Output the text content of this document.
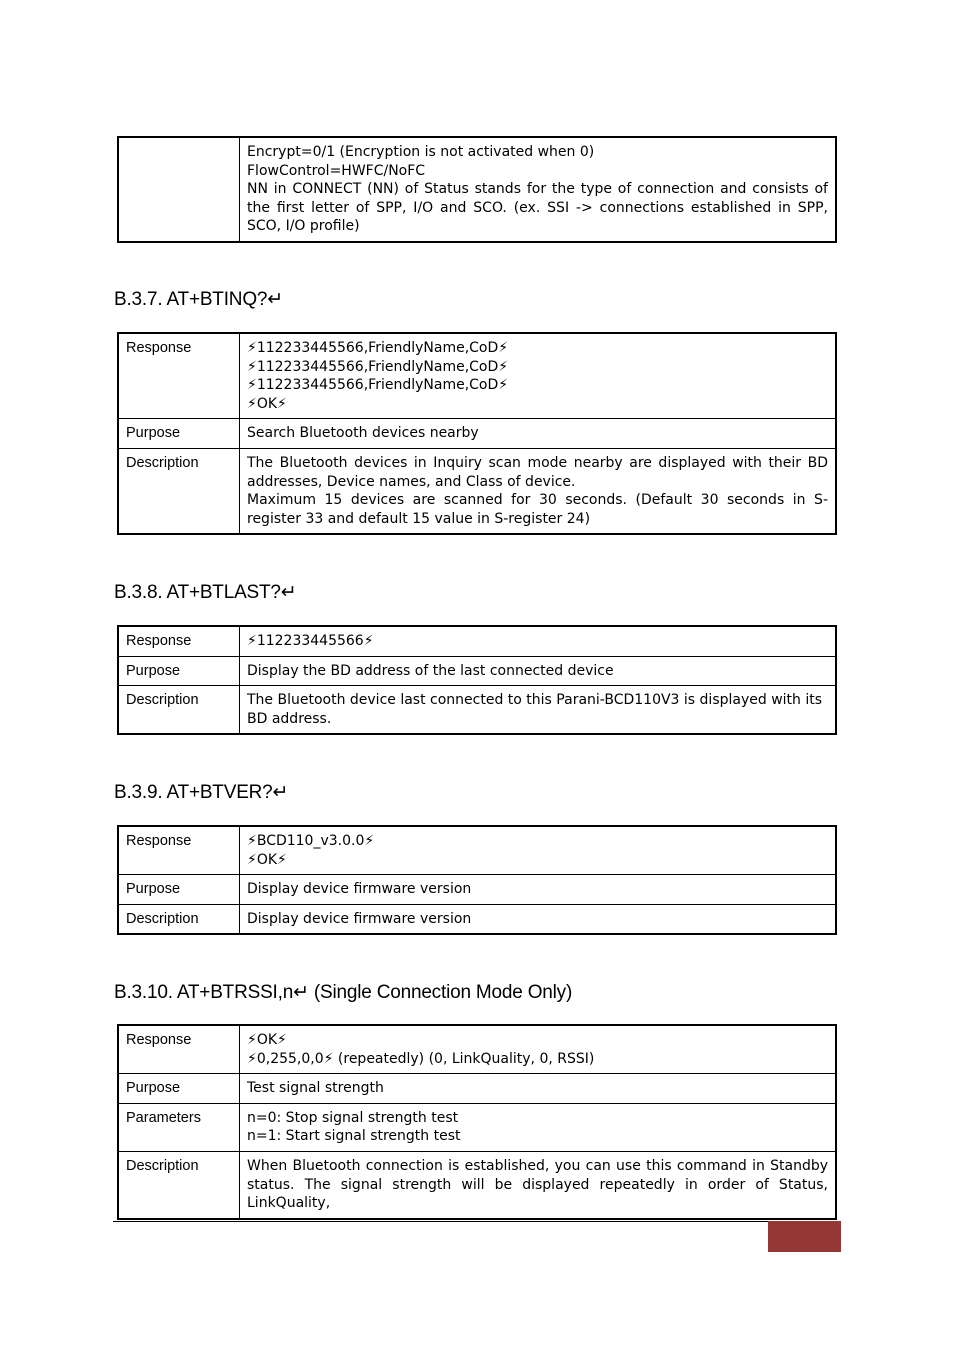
Encrypt=0/1 (Encryption is not activated when 0)
FlowControl=HWFC/NoFC
NN in CONNECT (NN) of Status stands for the type of connection and consists of the first letter of SPP, I/O and SCO. (ex. SSI -> connections established in SPP, SCO, I/O profile)
B.3.7. AT+BTINQ?↵
Response	⚡112233445566,FriendlyName,CoD⚡
⚡112233445566,FriendlyName,CoD⚡
⚡112233445566,FriendlyName,CoD⚡
⚡OK⚡

Purpose	Search Bluetooth devices nearby

Description	The Bluetooth devices in Inquiry scan mode nearby are displayed with their BD addresses, Device names, and Class of device.
Maximum 15 devices are scanned for 30 seconds. (Default 30 seconds in S-register 33 and default 15 value in S-register 24)
B.3.8. AT+BTLAST?↵
Response	⚡112233445566⚡

Purpose	Display the BD address of the last connected device

Description	The Bluetooth device last connected to this Parani-BCD110V3 is displayed with its BD address.
B.3.9. AT+BTVER?↵
Response	⚡BCD110_v3.0.0⚡
⚡OK⚡

Purpose	Display device firmware version

Description	Display device firmware version
B.3.10. AT+BTRSSI,n↵ (Single Connection Mode Only)
Response	⚡OK⚡
⚡0,255,0,0⚡ (repeatedly) (0, LinkQuality, 0, RSSI)

Purpose	Test signal strength

Parameters	n=0: Stop signal strength test
n=1: Start signal strength test

Description	When Bluetooth connection is established, you can use this command in Standby status. The signal strength will be displayed repeatedly in order of Status, LinkQuality,
